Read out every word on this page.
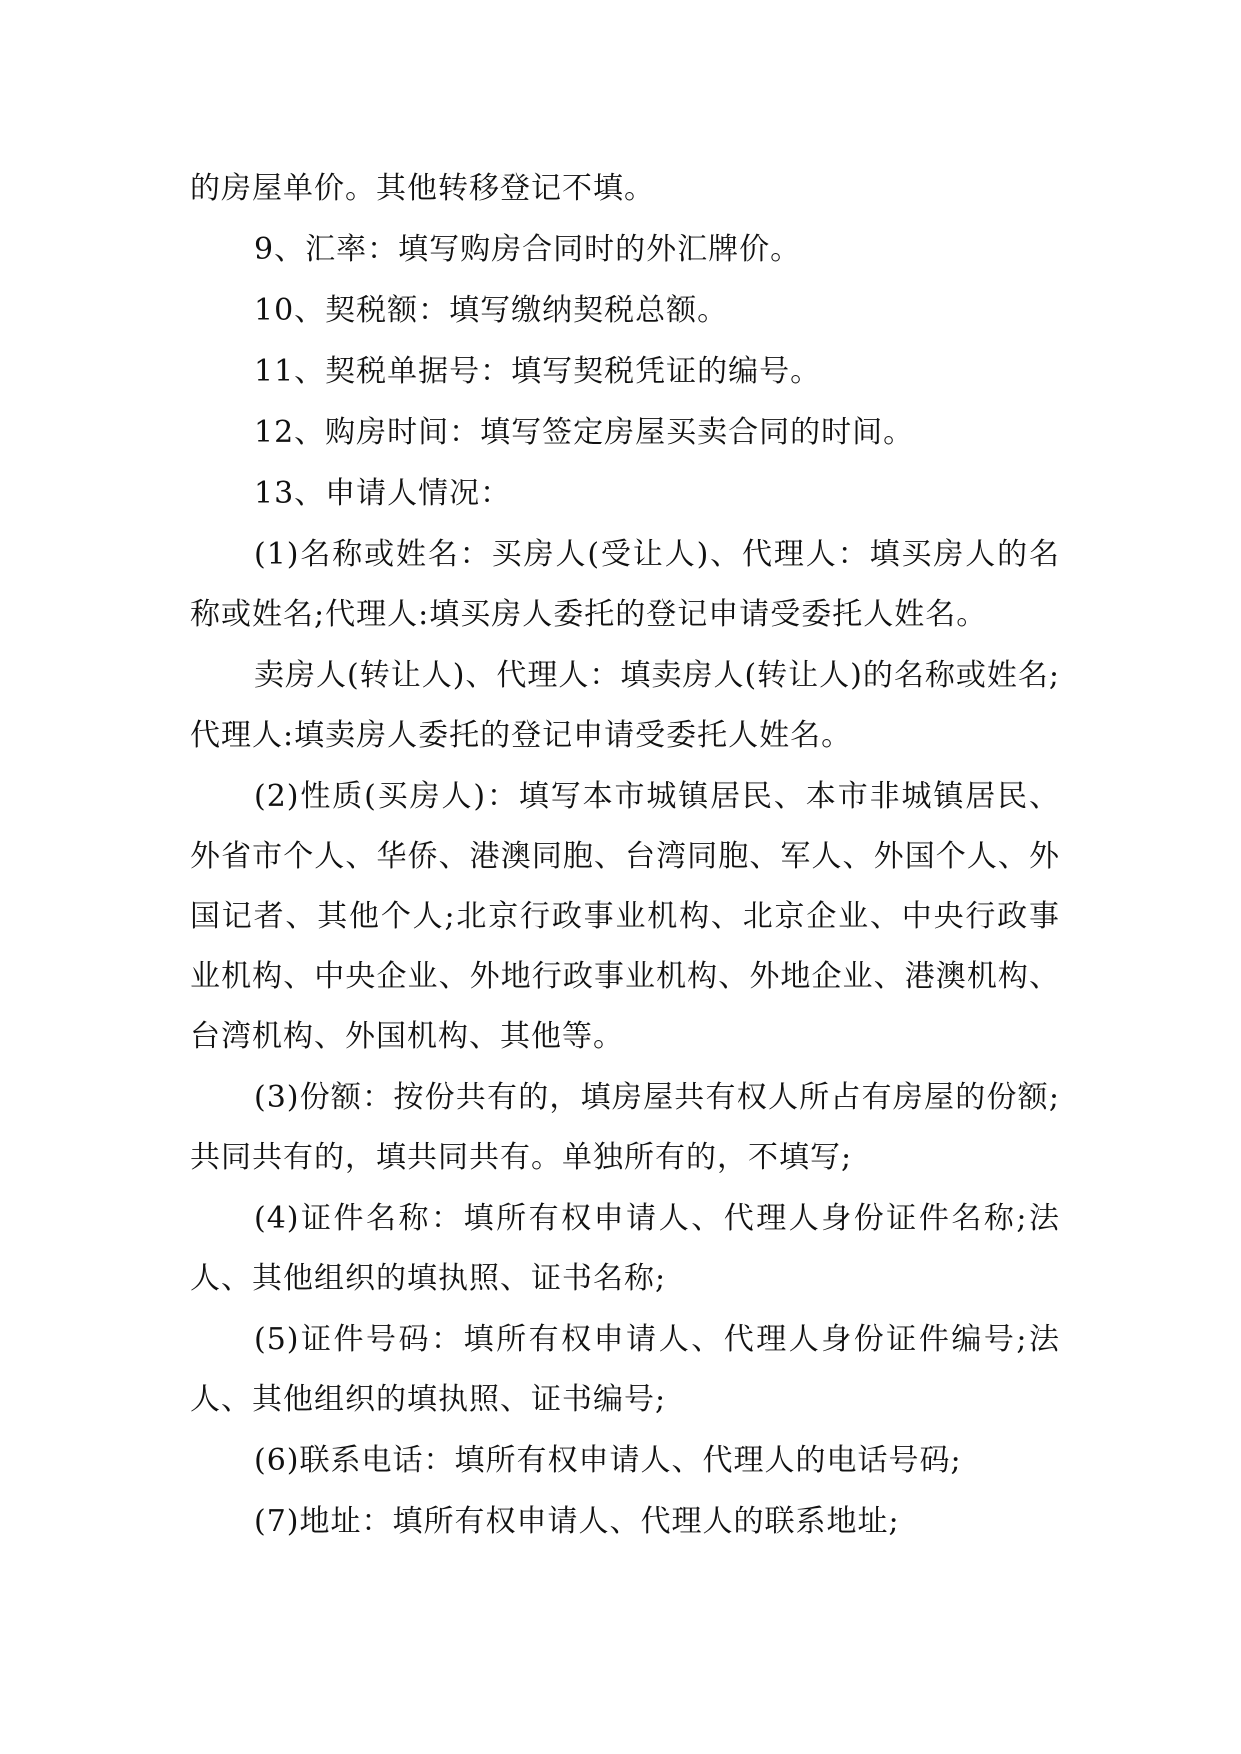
的房屋单价。其他转移登记不填。

9、汇率：填写购房合同时的外汇牌价。

10、契税额：填写缴纳契税总额。

11、契税单据号：填写契税凭证的编号。

12、购房时间：填写签定房屋买卖合同的时间。

13、申请人情况：

(1)名称或姓名：买房人(受让人)、代理人：填买房人的名称或姓名;代理人:填买房人委托的登记申请受委托人姓名。

卖房人(转让人)、代理人：填卖房人(转让人)的名称或姓名;代理人:填卖房人委托的登记申请受委托人姓名。

(2)性质(买房人)：填写本市城镇居民、本市非城镇居民、外省市个人、华侨、港澳同胞、台湾同胞、军人、外国个人、外国记者、其他个人;北京行政事业机构、北京企业、中央行政事业机构、中央企业、外地行政事业机构、外地企业、港澳机构、台湾机构、外国机构、其他等。

(3)份额：按份共有的，填房屋共有权人所占有房屋的份额;共同共有的，填共同共有。单独所有的，不填写;

(4)证件名称：填所有权申请人、代理人身份证件名称;法人、其他组织的填执照、证书名称;

(5)证件号码：填所有权申请人、代理人身份证件编号;法人、其他组织的填执照、证书编号;

(6)联系电话：填所有权申请人、代理人的电话号码;

(7)地址：填所有权申请人、代理人的联系地址;
